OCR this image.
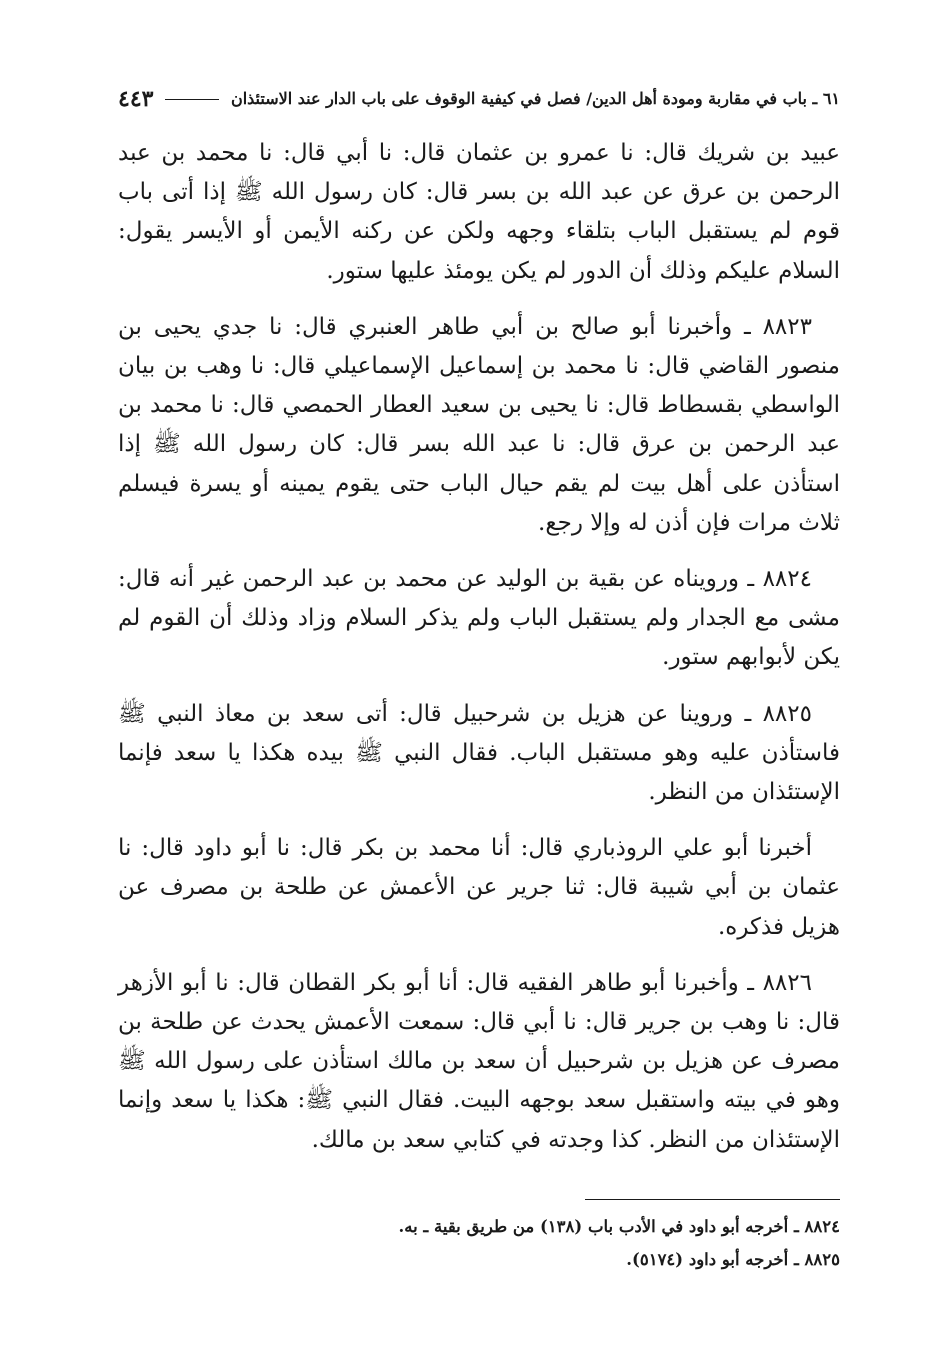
٦١ ـ باب في مقاربة ومودة أهل الدين/ فصل في كيفية الوقوف على باب الدار عند الاستئذان
٤٤٣

عبيد بن شريك قال: نا عمرو بن عثمان قال: نا أبي قال: نا محمد بن عبد الرحمن بن عرق عن عبد الله بن بسر قال: كان رسول الله ﷺ إذا أتى باب قوم لم يستقبل الباب بتلقاء وجهه ولكن عن ركنه الأيمن أو الأيسر يقول: السلام عليكم وذلك أن الدور لم يكن يومئذ عليها ستور.

٨٨٢٣ ـ وأخبرنا أبو صالح بن أبي طاهر العنبري قال: نا جدي يحيى بن منصور القاضي قال: نا محمد بن إسماعيل الإسماعيلي قال: نا وهب بن بيان الواسطي بقسطاط قال: نا يحيى بن سعيد العطار الحمصي قال: نا محمد بن عبد الرحمن بن عرق قال: نا عبد الله بسر قال: كان رسول الله ﷺ إذا استأذن على أهل بيت لم يقم حيال الباب حتى يقوم يمينه أو يسرة فيسلم ثلاث مرات فإن أذن له وإلا رجع.

٨٨٢٤ ـ ورويناه عن بقية بن الوليد عن محمد بن عبد الرحمن غير أنه قال: مشى مع الجدار ولم يستقبل الباب ولم يذكر السلام وزاد وذلك أن القوم لم يكن لأبوابهم ستور.

٨٨٢٥ ـ وروينا عن هزيل بن شرحبيل قال: أتى سعد بن معاذ النبي ﷺ فاستأذن عليه وهو مستقبل الباب. فقال النبي ﷺ بيده هكذا يا سعد فإنما الإستئذان من النظر.

أخبرنا أبو علي الروذباري قال: أنا محمد بن بكر قال: نا أبو داود قال: نا عثمان بن أبي شيبة قال: ثنا جرير عن الأعمش عن طلحة بن مصرف عن هزيل فذكره.

٨٨٢٦ ـ وأخبرنا أبو طاهر الفقيه قال: أنا أبو بكر القطان قال: نا أبو الأزهر قال: نا وهب بن جرير قال: نا أبي قال: سمعت الأعمش يحدث عن طلحة بن مصرف عن هزيل بن شرحبيل أن سعد بن مالك استأذن على رسول الله ﷺ وهو في بيته واستقبل سعد بوجهه البيت. فقال النبي ﷺ: هكذا يا سعد وإنما الإستئذان من النظر. كذا وجدته في كتابي سعد بن مالك.

٨٨٢٤ ـ أخرجه أبو داود في الأدب باب (١٣٨) من طريق بقية ـ به.

٨٨٢٥ ـ أخرجه أبو داود (٥١٧٤).
